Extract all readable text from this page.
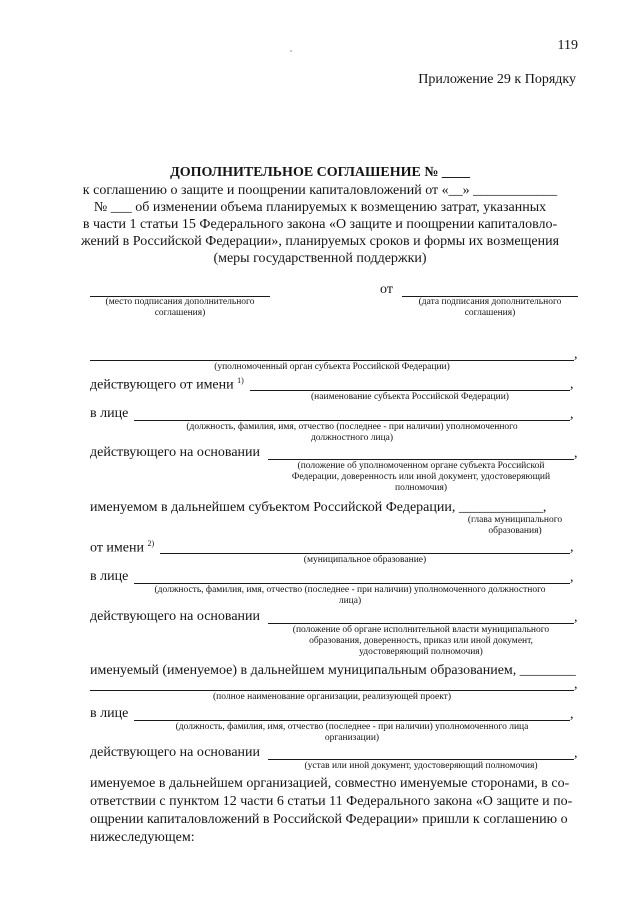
119
Приложение 29 к Порядку
ДОПОЛНИТЕЛЬНОЕ СОГЛАШЕНИЕ № ____
к соглашению о защите и поощрении капиталовложений от «__» ____________
№ ___ об изменении объема планируемых к возмещению затрат, указанных
в части 1 статьи 15 Федерального закона «О защите и поощрении капиталовло-
жений в Российской Федерации», планируемых сроков и формы их возмещения
(меры государственной поддержки)
(место подписания дополнительного
соглашения)
от
(дата подписания дополнительного
соглашения)
,
(уполномоченный орган субъекта Российской Федерации)
действующего от имени $^{1)}$	,
(наименование субъекта Российской Федерации)
в лице	,
(должность, фамилия, имя, отчество (последнее - при наличии) уполномоченного
должностного лица)
действующего на основании	,
(положение об уполномоченном органе субъекта Российской
Федерации, доверенность или иной документ, удостоверяющий
полномочия)
именуемом в дальнейшем субъектом Российской Федерации, ____________,
(глава муниципального
образования)
от имени $^{2)}$	,
(муниципальное образование)
в лице	,
(должность, фамилия, имя, отчество (последнее - при наличии) уполномоченного должностного
лица)
действующего на основании	,
(положение об органе исполнительной власти муниципального
образования, доверенность, приказ или иной документ,
удостоверяющий полномочия)
именуемый (именуемое) в дальнейшем муниципальным образованием, ________
,
(полное наименование организации, реализующей проект)
в лице	,
(должность, фамилия, имя, отчество (последнее - при наличии) уполномоченного лица
организации)
действующего на основании	,
(устав или иной документ, удостоверяющий полномочия)
именуемое в дальнейшем организацией, совместно именуемые сторонами, в со-
ответствии с пунктом 12 части 6 статьи 11 Федерального закона «О защите и по-
ощрении капиталовложений в Российской Федерации» пришли к соглашению о
нижеследующем:
